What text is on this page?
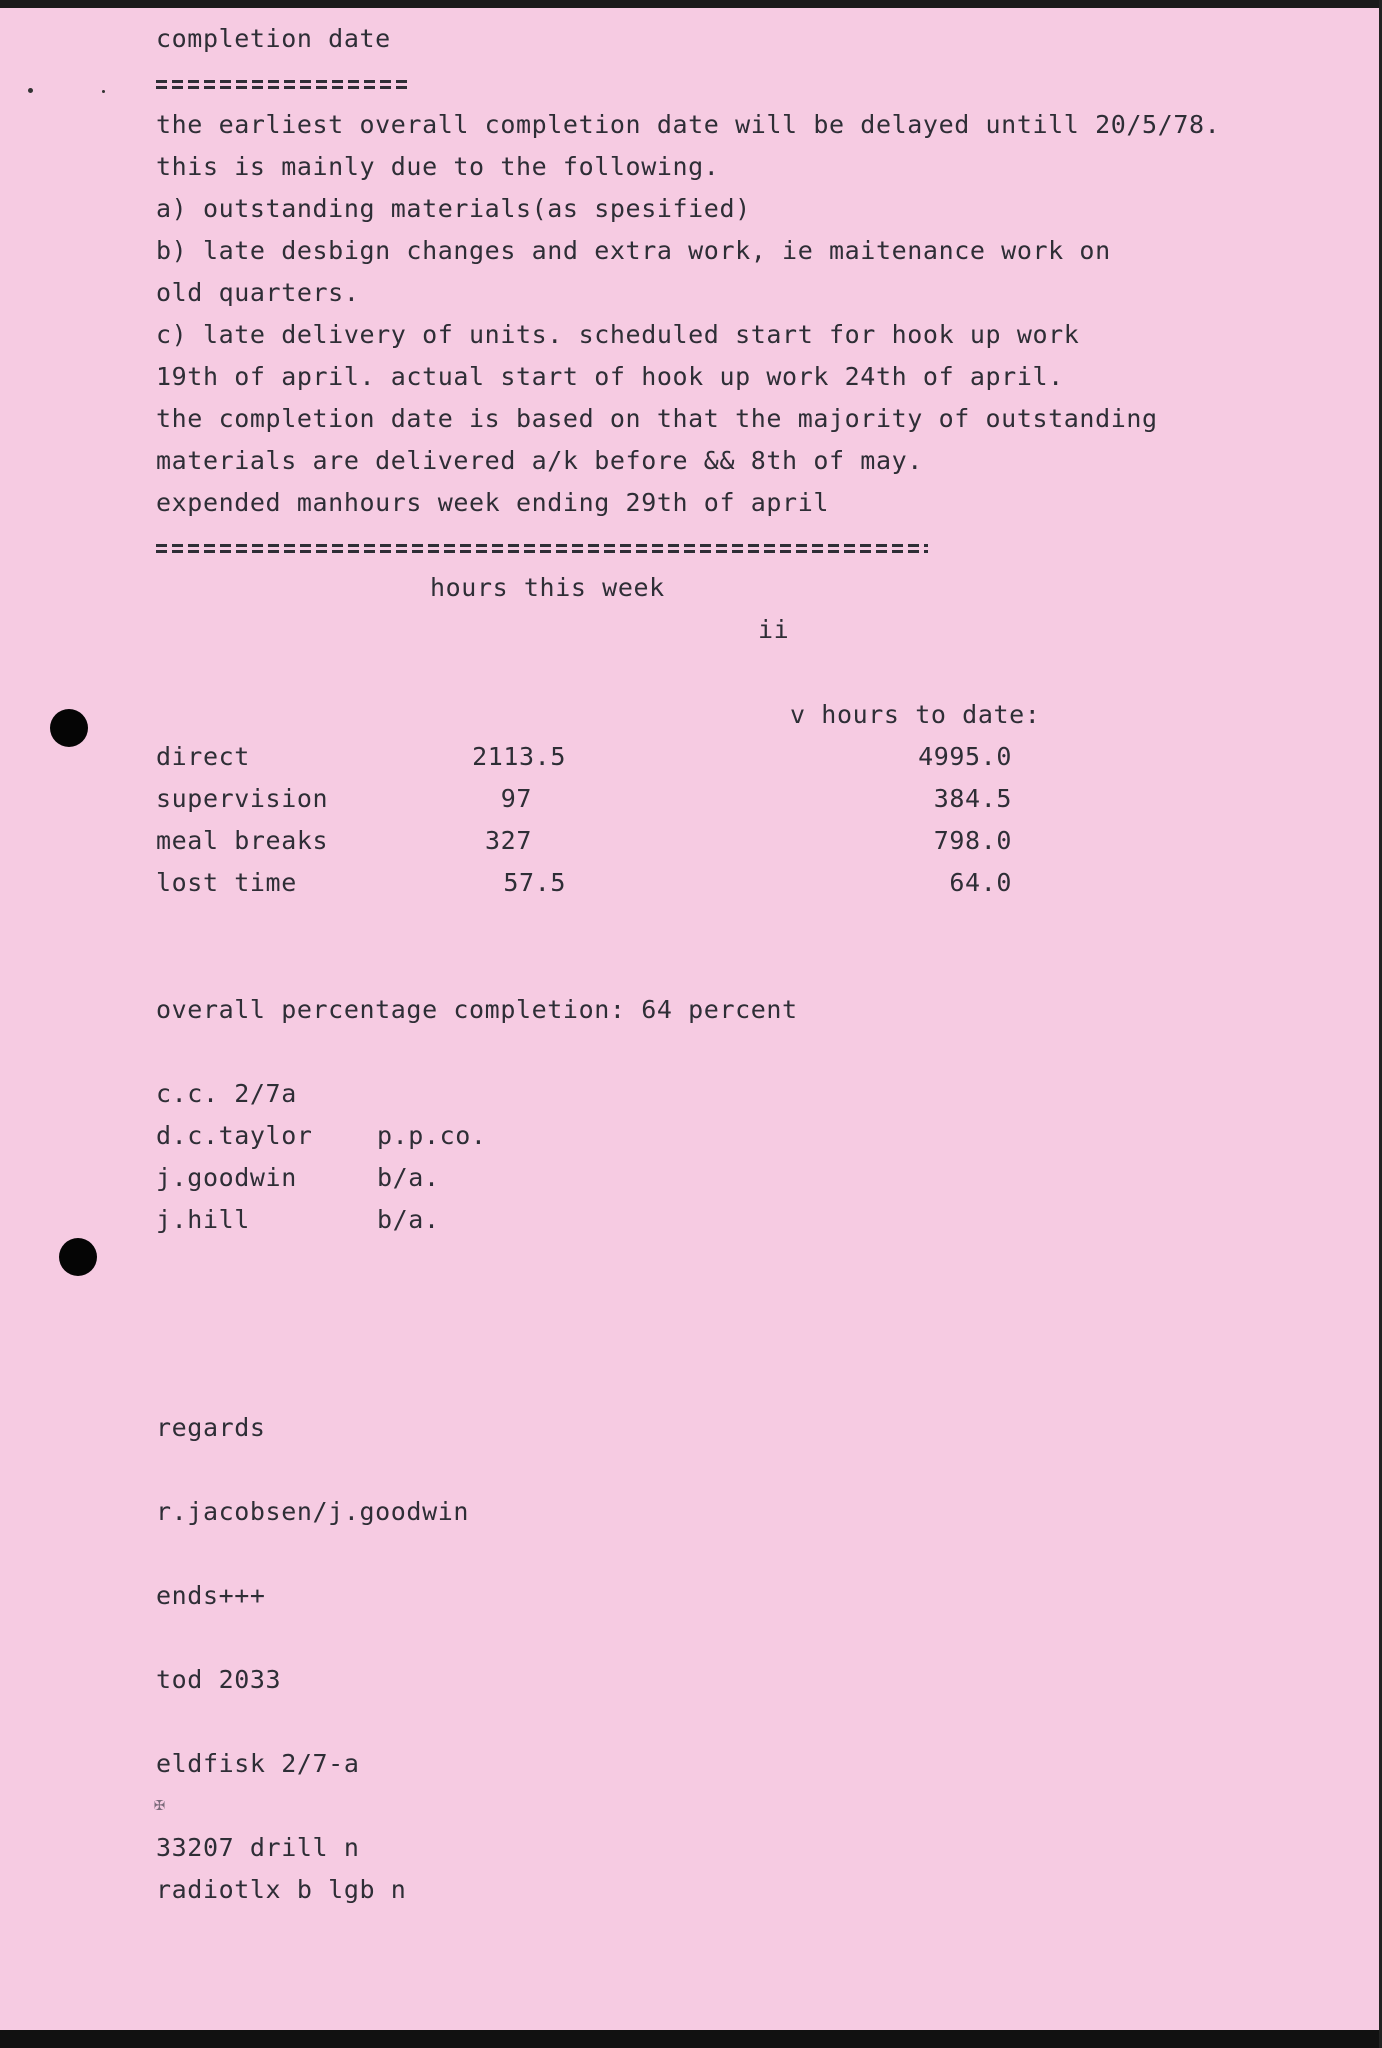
completion date
the earliest overall completion date will be delayed untill 20/5/78.
this is mainly due to the following.
a) outstanding materials(as spesified)
b) late desbign changes and extra work, ie maitenance work on
old quarters.
c) late delivery of units. scheduled start for hook up work
19th of april. actual start of hook up work 24th of april.
the completion date is based on that the majority of outstanding
materials are delivered a/k before && 8th of may.
expended manhours week ending 29th of april
hours this week
ii
v hours to date:
direct	2113.5	4995.0
supervision	97	384.5
meal breaks	327	798.0
lost time	57.5	64.0
overall percentage completion: 64 percent
c.c. 2/7a
d.c.taylor	p.p.co.
j.goodwin	b/a.
j.hill	b/a.
regards
r.jacobsen/j.goodwin
ends+++
tod 2033
eldfisk 2/7-a
✠
33207 drill n
radiotlx b lgb n
